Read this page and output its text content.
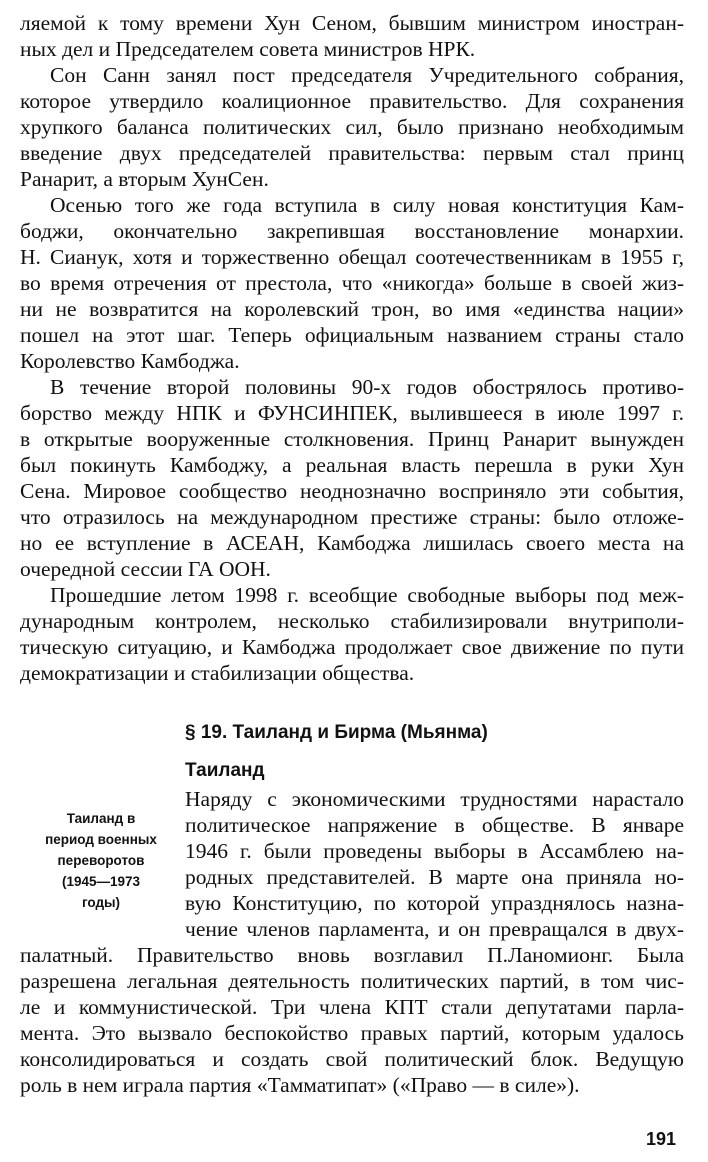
ляемой к тому времени Хун Сеном, бывшим министром иностран-
ных дел и Председателем совета министров НРК.
Сон Санн занял пост председателя Учредительного собрания,
которое утвердило коалиционное правительство. Для сохранения
хрупкого баланса политических сил, было признано необходимым
введение двух председателей правительства: первым стал принц
Ранарит, а вторым ХунСен.
Осенью того же года вступила в силу новая конституция Кам-
боджи, окончательно закрепившая восстановление монархии.
Н. Сианук, хотя и торжественно обещал соотечественникам в 1955 г,
во время отречения от престола, что «никогда» больше в своей жиз-
ни не возвратится на королевский трон, во имя «единства нации»
пошел на этот шаг. Теперь официальным названием страны стало
Королевство Камбоджа.
В течение второй половины 90-х годов обострялось противо-
борство между НПК и ФУНСИНПЕК, вылившееся в июле 1997 г.
в открытые вооруженные столкновения. Принц Ранарит вынужден
был покинуть Камбоджу, а реальная власть перешла в руки Хун
Сена. Мировое сообщество неоднозначно восприняло эти события,
что отразилось на международном престиже страны: было отложе-
но ее вступление в АСЕАН, Камбоджа лишилась своего места на
очередной сессии ГА ООН.
Прошедшие летом 1998 г. всеобщие свободные выборы под меж-
дународным контролем, несколько стабилизировали внутриполи-
тическую ситуацию, и Камбоджа продолжает свое движение по пути
демократизации и стабилизации общества.
§ 19. Таиланд и Бирма (Мьянма)
Таиланд
Таиланд в
период военных
переворотов
(1945—1973
годы)
Наряду с экономическими трудностями нарастало
политическое напряжение в обществе. В январе
1946 г. были проведены выборы в Ассамблею на-
родных представителей. В марте она приняла но-
вую Конституцию, по которой упразднялось назна-
чение членов парламента, и он превращался в двух-
палатный. Правительство вновь возглавил П.Ланомионг. Была
разрешена легальная деятельность политических партий, в том чис-
ле и коммунистической. Три члена КПТ стали депутатами парла-
мента. Это вызвало беспокойство правых партий, которым удалось
консолидироваться и создать свой политический блок. Ведущую
роль в нем играла партия «Тамматипат» («Право — в силе»).
191
